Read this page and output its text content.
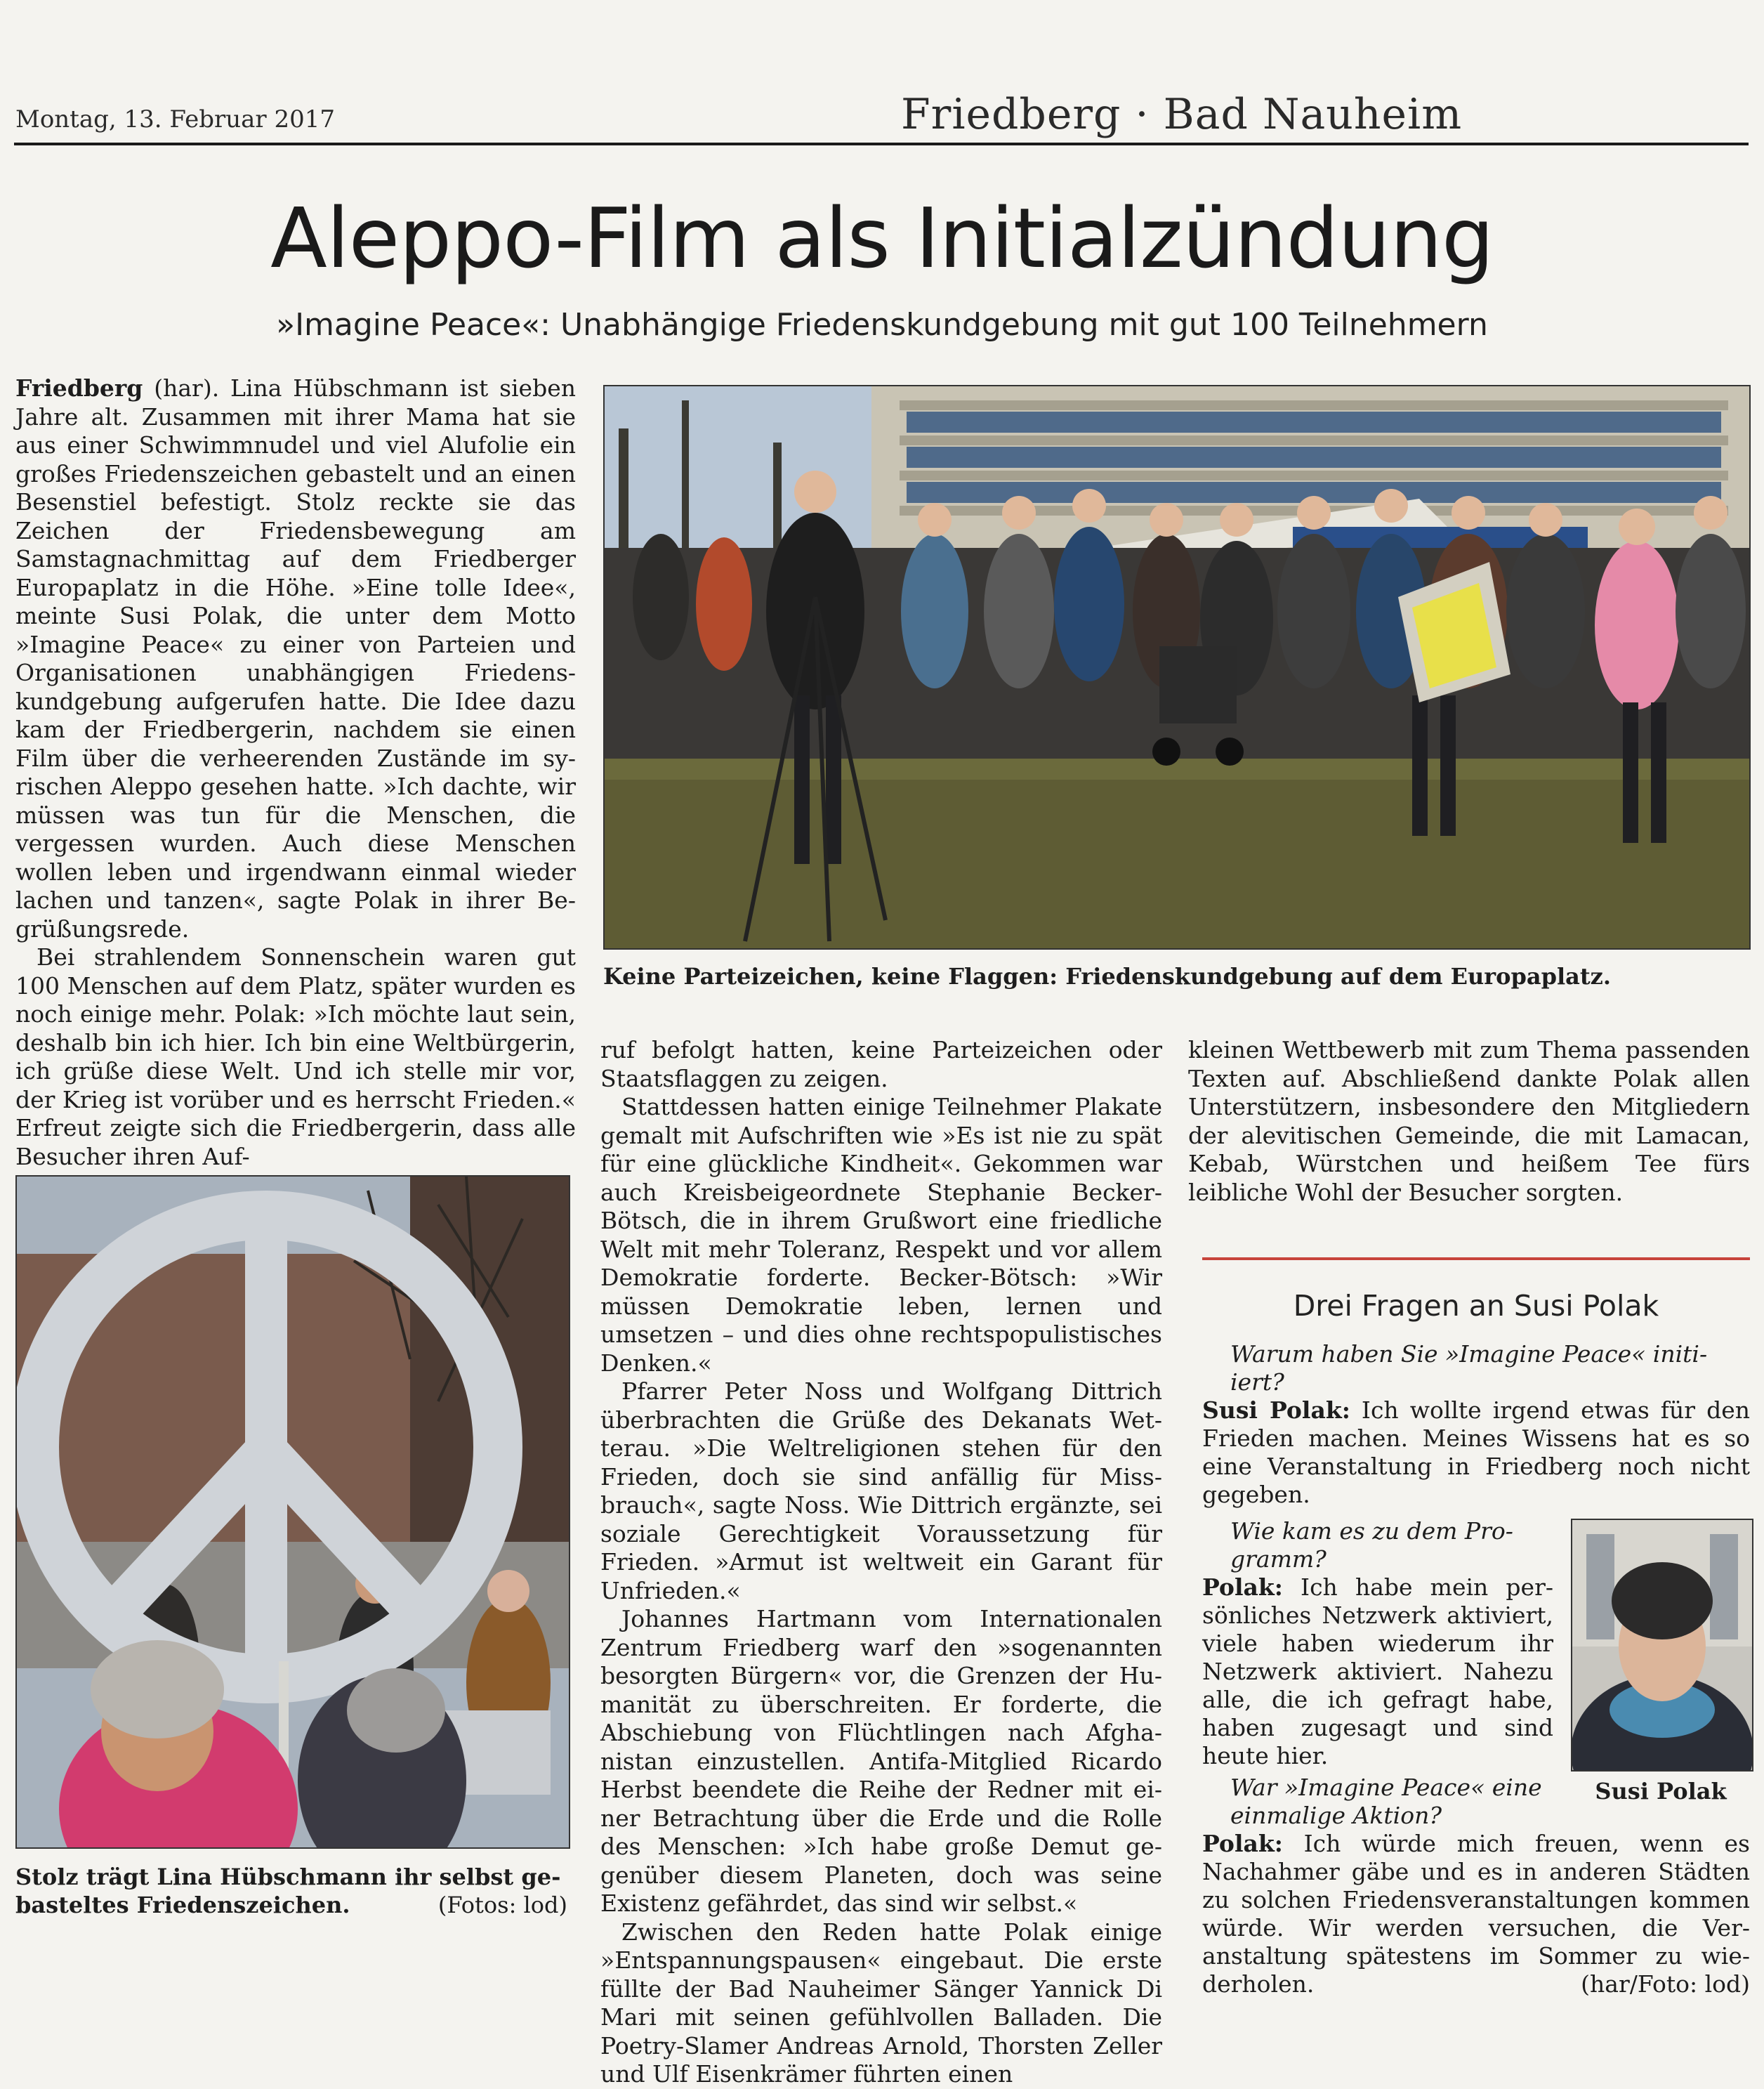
Montag, 13. Februar 2017	Friedberg · Bad Nauheim
Aleppo-Film als Initialzündung
»Imagine Peace«: Unabhängige Friedenskundgebung mit gut 100 Teilnehmern

Friedberg (har). Lina Hübschmann ist sieben Jahre alt. Zusammen mit ihrer Mama hat sie aus einer Schwimmnudel und viel Alufolie ein großes Friedenszeichen gebastelt und an einen Besenstiel befestigt. Stolz reckte sie das Zeichen der Friedensbewegung am Samstagnachmittag auf dem Friedberger Europaplatz in die Höhe. »Eine tolle Idee«, meinte Susi Polak, die unter dem Motto »Imagine Peace« zu einer von Parteien und Organisationen unabhängigen Friedenskundgebung aufgerufen hatte. Die Idee dazu kam der Friedbergerin, nachdem sie einen Film über die verheerenden Zustände im syrischen Aleppo gesehen hatte. »Ich dachte, wir müssen was tun für die Menschen, die vergessen wurden. Auch diese Menschen wollen leben und irgendwann einmal wieder lachen und tanzen«, sagte Polak in ihrer Begrüßungsrede.

Bei strahlendem Sonnenschein waren gut 100 Menschen auf dem Platz, später wurden es noch einige mehr. Polak: »Ich möchte laut sein, deshalb bin ich hier. Ich bin eine Weltbürgerin, ich grüße diese Welt. Und ich stelle mir vor, der Krieg ist vorüber und es herrscht Frieden.« Erfreut zeigte sich die Friedbergerin, dass alle Besucher ihren Auf-

Keine Parteizeichen, keine Flaggen: Friedenskundgebung auf dem Europaplatz.

ruf befolgt hatten, keine Parteizeichen oder Staatsflaggen zu zeigen.

Stattdessen hatten einige Teilnehmer Plakate gemalt mit Aufschriften wie »Es ist nie zu spät für eine glückliche Kindheit«. Gekommen war auch Kreisbeigeordnete Stephanie Becker-Bötsch, die in ihrem Grußwort eine friedliche Welt mit mehr Toleranz, Respekt und vor allem Demokratie forderte. Becker-Bötsch: »Wir müssen Demokratie leben, lernen und umsetzen – und dies ohne rechtspopulistisches Denken.«

Pfarrer Peter Noss und Wolfgang Dittrich überbrachten die Grüße des Dekanats Wetterau. »Die Weltreligionen stehen für den Frieden, doch sie sind anfällig für Missbrauch«, sagte Noss. Wie Dittrich ergänzte, sei soziale Gerechtigkeit Voraussetzung für Frieden. »Armut ist weltweit ein Garant für Unfrieden.«

Johannes Hartmann vom Internationalen Zentrum Friedberg warf den »sogenannten besorgten Bürgern« vor, die Grenzen der Humanität zu überschreiten. Er forderte, die Abschiebung von Flüchtlingen nach Afghanistan einzustellen. Antifa-Mitglied Ricardo Herbst beendete die Reihe der Redner mit einer Betrachtung über die Erde und die Rolle des Menschen: »Ich habe große Demut gegenüber diesem Planeten, doch was seine Existenz gefährdet, das sind wir selbst.«

Zwischen den Reden hatte Polak einige »Entspannungspausen« eingebaut. Die erste füllte der Bad Nauheimer Sänger Yannick Di Mari mit seinen gefühlvollen Balladen. Die Poetry-Slamer Andreas Arnold, Thorsten Zeller und Ulf Eisenkrämer führten einen

kleinen Wettbewerb mit zum Thema passenden Texten auf. Abschließend dankte Polak allen Unterstützern, insbesondere den Mitgliedern der alevitischen Gemeinde, die mit Lamacan, Kebab, Würstchen und heißem Tee fürs leibliche Wohl der Besucher sorgten.

Stolz trägt Lina Hübschmann ihr selbst gebasteltes Friedenszeichen.	(Fotos: lod)
Drei Fragen an Susi Polak
Warum haben Sie »Imagine Peace« initiiert?
Susi Polak: Ich wollte irgend etwas für den Frieden machen. Meines Wissens hat es so eine Veranstaltung in Friedberg noch nicht gegeben.
Wie kam es zu dem Programm?
Polak: Ich habe mein persönliches Netzwerk aktiviert, viele haben wiederum ihr Netzwerk aktiviert. Nahezu alle, die ich gefragt habe, haben zugesagt und sind heute hier.
Susi Polak
War »Imagine Peace« eine einmalige Aktion?
Polak: Ich würde mich freuen, wenn es Nachahmer gäbe und es in anderen Städten zu solchen Friedensveranstaltungen kommen würde. Wir werden versuchen, die Veranstaltung spätestens im Sommer zu wiederholen.	(har/Foto: lod)
